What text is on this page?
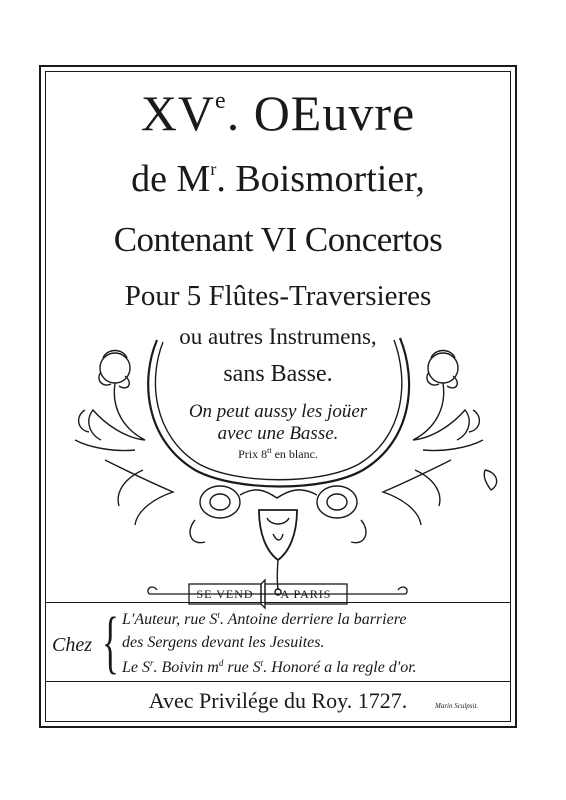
XVe. OEuvre
de $M^r$. Boismortier,
Contenant VI Concertos
Pour 5 Flûtes-Traversieres
ou autres Instrumens,
sans Basse.
On peut aussy les joüer
avec une Basse.
Prix $8^{tt}$ en blanc.
SE VEND	A PARIS
Chez { L'Auteur, rue $S^t$. Antoine derriere la barriere
des Sergens devant les Jesuites.
Le $S^r$. Boivin $m^d$ rue $S^t$. Honoré a la regle d'or.
Avec Privilége du Roy. 1727.	Marin Sculpsit.
